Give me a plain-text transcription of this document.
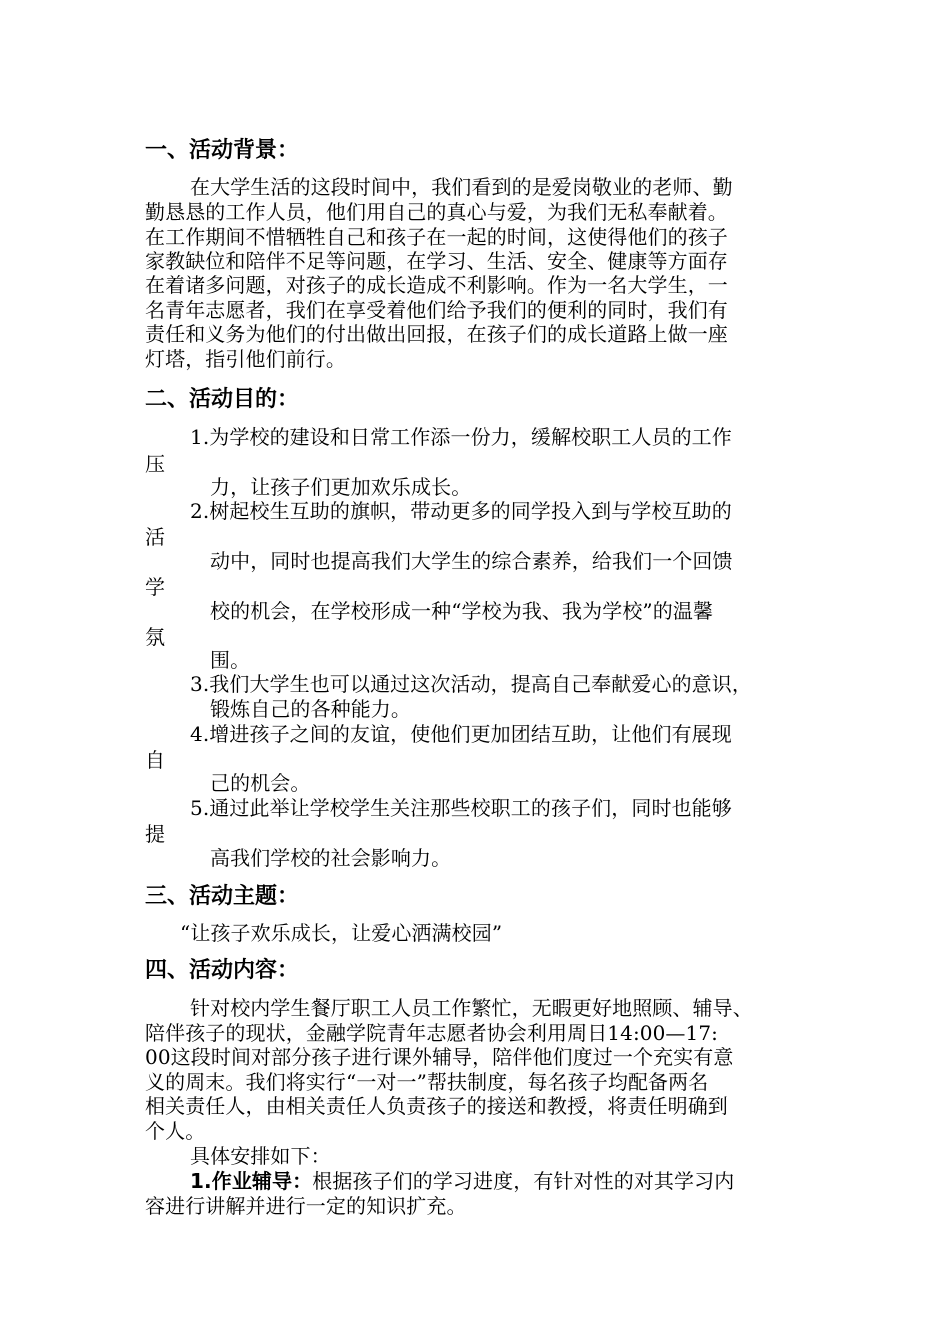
一、活动背景：
在大学生活的这段时间中，我们看到的是爱岗敬业的老师、勤
勤恳恳的工作人员，他们用自己的真心与爱，为我们无私奉献着。
在工作期间不惜牺牲自己和孩子在一起的时间，这使得他们的孩子
家教缺位和陪伴不足等问题，在学习、生活、安全、健康等方面存
在着诸多问题，对孩子的成长造成不利影响。作为一名大学生，一
名青年志愿者，我们在享受着他们给予我们的便利的同时，我们有
责任和义务为他们的付出做出回报，在孩子们的成长道路上做一座
灯塔，指引他们前行。
二、活动目的：
1.为学校的建设和日常工作添一份力，缓解校职工人员的工作
压
力，让孩子们更加欢乐成长。
2.树起校生互助的旗帜，带动更多的同学投入到与学校互助的
活
动中，同时也提高我们大学生的综合素养，给我们一个回馈
学
校的机会，在学校形成一种“学校为我、我为学校”的温馨
氛
围。
3.我们大学生也可以通过这次活动，提高自己奉献爱心的意识，
锻炼自己的各种能力。
4.增进孩子之间的友谊，使他们更加团结互助，让他们有展现
自
己的机会。
5.通过此举让学校学生关注那些校职工的孩子们，同时也能够
提
高我们学校的社会影响力。
三、活动主题：
“让孩子欢乐成长，让爱心洒满校园”
四、活动内容：
针对校内学生餐厅职工人员工作繁忙，无暇更好地照顾、辅导、
陪伴孩子的现状，金融学院青年志愿者协会利用周日14:00—17:
00这段时间对部分孩子进行课外辅导，陪伴他们度过一个充实有意
义的周末。我们将实行“一对一”帮扶制度，每名孩子均配备两名
相关责任人，由相关责任人负责孩子的接送和教授，将责任明确到
个人。
具体安排如下：
1.作业辅导：根据孩子们的学习进度，有针对性的对其学习内
容进行讲解并进行一定的知识扩充。
